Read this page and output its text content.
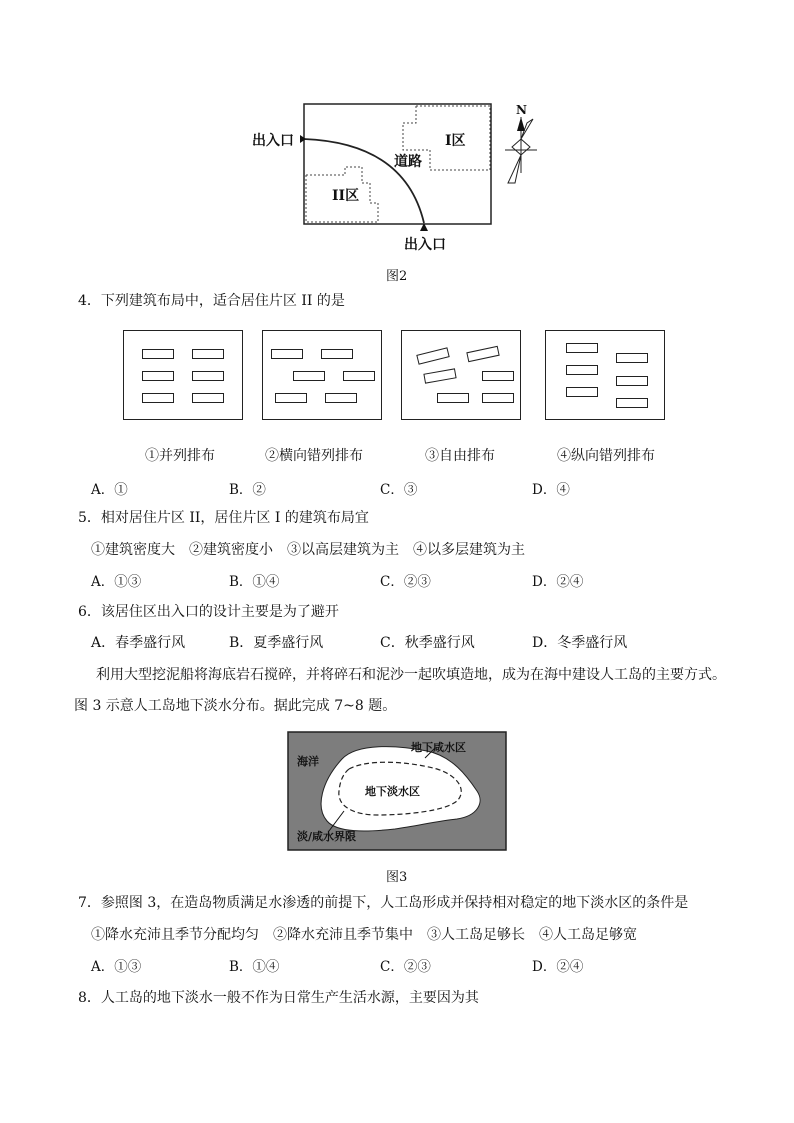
N
出入口
出入口
道路
I区
II区
图2
4．下列建筑布局中，适合居住片区 II 的是
①并列排布	②横向错列排布	③自由排布	④纵向错列排布
A．①	B．②	C．③	D．④
5．相对居住片区 II，居住片区 I 的建筑布局宜
①建筑密度大　②建筑密度小　③以高层建筑为主　④以多层建筑为主
A．①③	B．①④	C．②③	D．②④
6．该居住区出入口的设计主要是为了避开
A．春季盛行风	B．夏季盛行风	C．秋季盛行风	D．冬季盛行风
利用大型挖泥船将海底岩石搅碎，并将碎石和泥沙一起吹填造地，成为在海中建设人工岛的主要方式。
图 3 示意人工岛地下淡水分布。据此完成 7~8 题。
海洋
地下咸水区
地下淡水区
淡/咸水界限
图3
7．参照图 3，在造岛物质满足水渗透的前提下，人工岛形成并保持相对稳定的地下淡水区的条件是
①降水充沛且季节分配均匀　②降水充沛且季节集中　③人工岛足够长　④人工岛足够宽
A．①③	B．①④	C．②③	D．②④
8．人工岛的地下淡水一般不作为日常生产生活水源，主要因为其
